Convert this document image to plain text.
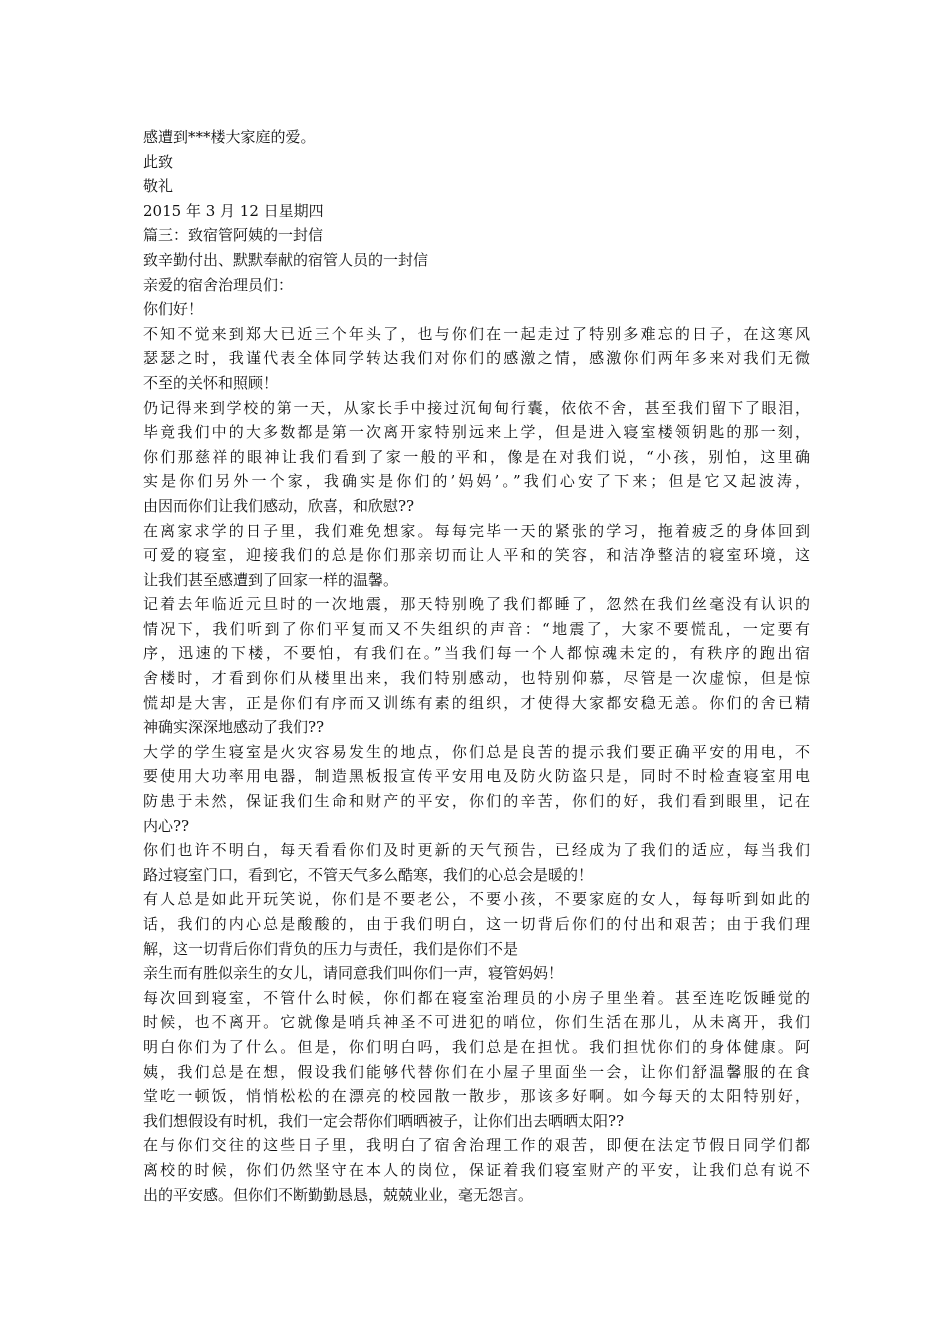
感遭到***楼大家庭的爱。
此致
敬礼
2015 年 3 月 12 日星期四
篇三：致宿管阿姨的一封信
致辛勤付出、默默奉献的宿管人员的一封信
亲爱的宿舍治理员们：
你们好！
不知不觉来到郑大已近三个年头了，也与你们在一起走过了特别多难忘的日子，在这寒风
瑟瑟之时，我谨代表全体同学转达我们对你们的感激之情，感激你们两年多来对我们无微
不至的关怀和照顾！
仍记得来到学校的第一天，从家长手中接过沉甸甸行囊，依依不舍，甚至我们留下了眼泪，
毕竟我们中的大多数都是第一次离开家特别远来上学，但是进入寝室楼领钥匙的那一刻，
你们那慈祥的眼神让我们看到了家一般的平和，像是在对我们说，“小孩，别怕，这里确
实是你们另外一个家，我确实是你们的’妈妈’。”我们心安了下来；但是它又起波涛，
由因而你们让我们感动，欣喜，和欣慰??
在离家求学的日子里，我们难免想家。每每完毕一天的紧张的学习，拖着疲乏的身体回到
可爱的寝室，迎接我们的总是你们那亲切而让人平和的笑容，和洁净整洁的寝室环境，这
让我们甚至感遭到了回家一样的温馨。
记着去年临近元旦时的一次地震，那天特别晚了我们都睡了，忽然在我们丝毫没有认识的
情况下，我们听到了你们平复而又不失组织的声音：“地震了，大家不要慌乱，一定要有
序，迅速的下楼，不要怕，有我们在。”当我们每一个人都惊魂未定的，有秩序的跑出宿
舍楼时，才看到你们从楼里出来，我们特别感动，也特别仰慕，尽管是一次虚惊，但是惊
慌却是大害，正是你们有序而又训练有素的组织，才使得大家都安稳无恙。你们的舍已精
神确实深深地感动了我们??
大学的学生寝室是火灾容易发生的地点，你们总是良苦的提示我们要正确平安的用电，不
要使用大功率用电器，制造黑板报宣传平安用电及防火防盗只是，同时不时检查寝室用电
防患于未然，保证我们生命和财产的平安，你们的辛苦，你们的好，我们看到眼里，记在
内心??
你们也许不明白，每天看看你们及时更新的天气预告，已经成为了我们的适应，每当我们
路过寝室门口，看到它，不管天气多么酷寒，我们的心总会是暖的！
有人总是如此开玩笑说，你们是不要老公，不要小孩，不要家庭的女人，每每听到如此的
话，我们的内心总是酸酸的，由于我们明白，这一切背后你们的付出和艰苦；由于我们理
解，这一切背后你们背负的压力与责任，我们是你们不是
亲生而有胜似亲生的女儿，请同意我们叫你们一声，寝管妈妈！
每次回到寝室，不管什么时候，你们都在寝室治理员的小房子里坐着。甚至连吃饭睡觉的
时候，也不离开。它就像是哨兵神圣不可进犯的哨位，你们生活在那儿，从未离开，我们
明白你们为了什么。但是，你们明白吗，我们总是在担忧。我们担忧你们的身体健康。阿
姨，我们总是在想，假设我们能够代替你们在小屋子里面坐一会，让你们舒温馨服的在食
堂吃一顿饭，悄悄松松的在漂亮的校园散一散步，那该多好啊。如今每天的太阳特别好，
我们想假设有时机，我们一定会帮你们晒晒被子，让你们出去晒晒太阳??
在与你们交往的这些日子里，我明白了宿舍治理工作的艰苦，即便在法定节假日同学们都
离校的时候，你们仍然坚守在本人的岗位，保证着我们寝室财产的平安，让我们总有说不
出的平安感。但你们不断勤勤恳恳，兢兢业业，毫无怨言。
